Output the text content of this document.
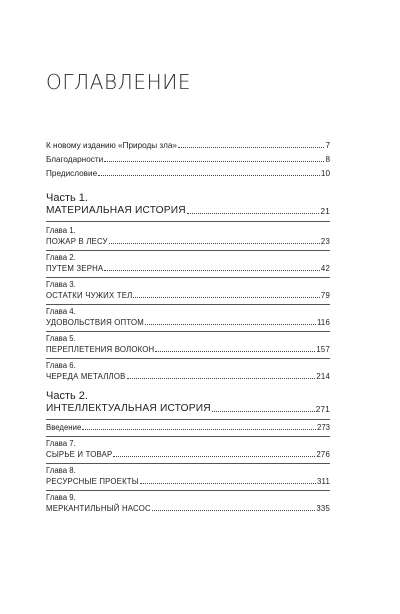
ОГЛАВЛЕНИЕ
К новому изданию «Природы зла»	7
Благодарности	8
Предисловие	10
Часть 1.
МАТЕРИАЛЬНАЯ ИСТОРИЯ	21
Глава 1.
ПОЖАР В ЛЕСУ	23
Глава 2.
ПУТЕМ ЗЕРНА	42
Глава 3.
ОСТАТКИ ЧУЖИХ ТЕЛ	79
Глава 4.
УДОВОЛЬСТВИЯ ОПТОМ	116
Глава 5.
ПЕРЕПЛЕТЕНИЯ ВОЛОКОН	157
Глава 6.
ЧЕРЕДА МЕТАЛЛОВ	214
Часть 2.
ИНТЕЛЛЕКТУАЛЬНАЯ ИСТОРИЯ	271
Введение	273
Глава 7.
СЫРЬЕ И ТОВАР	276
Глава 8.
РЕСУРСНЫЕ ПРОЕКТЫ	311
Глава 9.
МЕРКАНТИЛЬНЫЙ НАСОС	335
